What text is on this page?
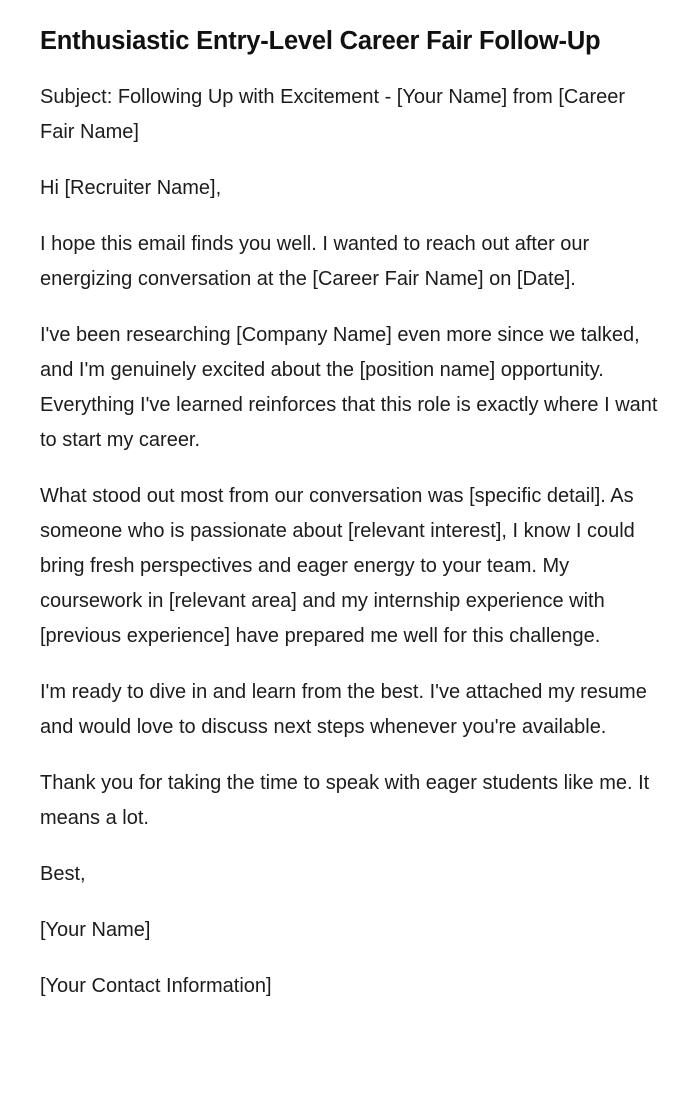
Enthusiastic Entry-Level Career Fair Follow-Up

Subject: Following Up with Excitement - [Your Name] from [Career Fair Name]

Hi [Recruiter Name],

I hope this email finds you well. I wanted to reach out after our energizing conversation at the [Career Fair Name] on [Date].

I've been researching [Company Name] even more since we talked, and I'm genuinely excited about the [position name] opportunity. Everything I've learned reinforces that this role is exactly where I want to start my career.

What stood out most from our conversation was [specific detail]. As someone who is passionate about [relevant interest], I know I could bring fresh perspectives and eager energy to your team. My coursework in [relevant area] and my internship experience with [previous experience] have prepared me well for this challenge.

I'm ready to dive in and learn from the best. I've attached my resume and would love to discuss next steps whenever you're available.

Thank you for taking the time to speak with eager students like me. It means a lot.

Best,

[Your Name]

[Your Contact Information]
